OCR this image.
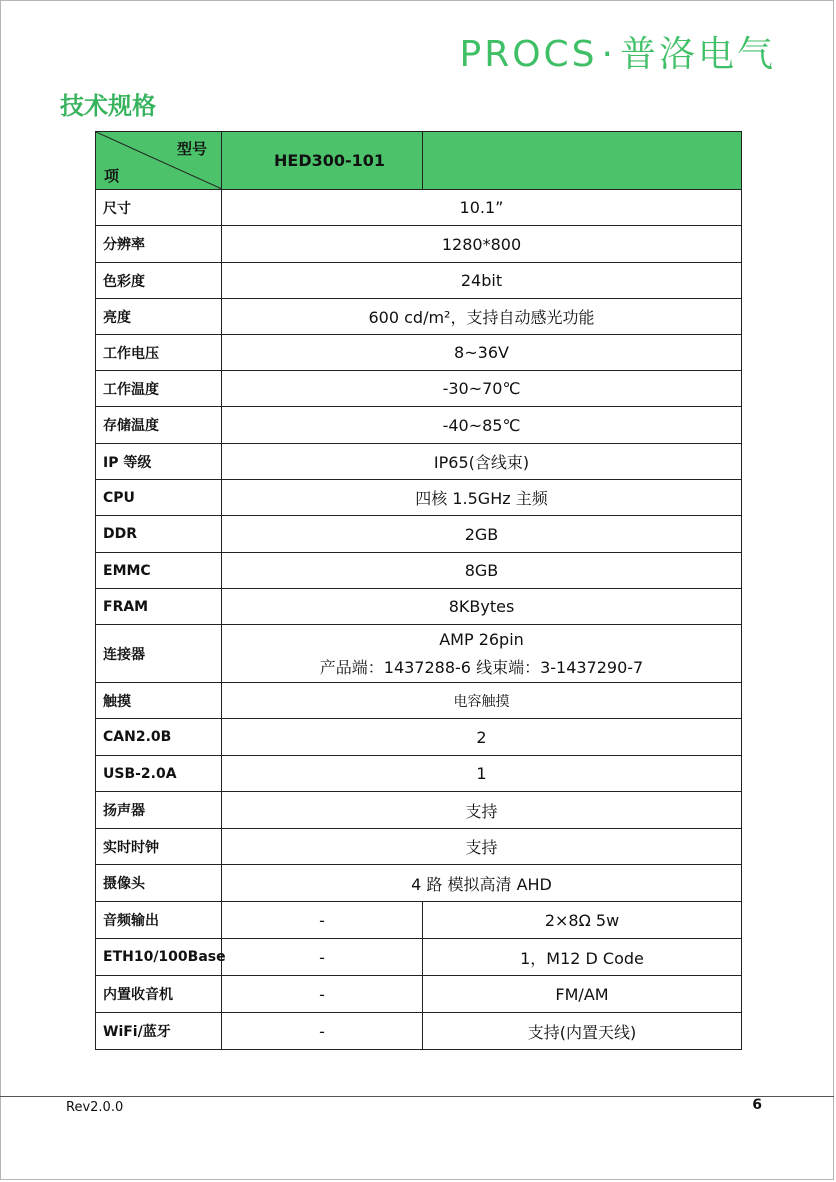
PROCS · 普洛电气
技术规格
型号
项	HED300-101	
尺寸	10.1”	
分辨率	1280*800	
色彩度	24bit	
亮度	600 cd/m²，支持自动感光功能	
工作电压	8~36V	
工作温度	-30~70℃	
存储温度	-40~85℃	
IP 等级	IP65(含线束)	
CPU	四核 1.5GHz 主频	
DDR	2GB	
EMMC	8GB	
FRAM	8KBytes	
连接器	AMP 26pin
产品端：1437288-6 线束端：3-1437290-7	

触摸	电容触摸	
CAN2.0B	2	
USB-2.0A	1	
扬声器	支持	
实时时钟	支持	
摄像头	4 路 模拟高清 AHD	
音频输出	-	2×8Ω 5w
ETH10/100Base	-	1，M12 D Code
内置收音机	-	FM/AM
WiFi/蓝牙	-	支持(内置天线)
Rev2.0.0	6
